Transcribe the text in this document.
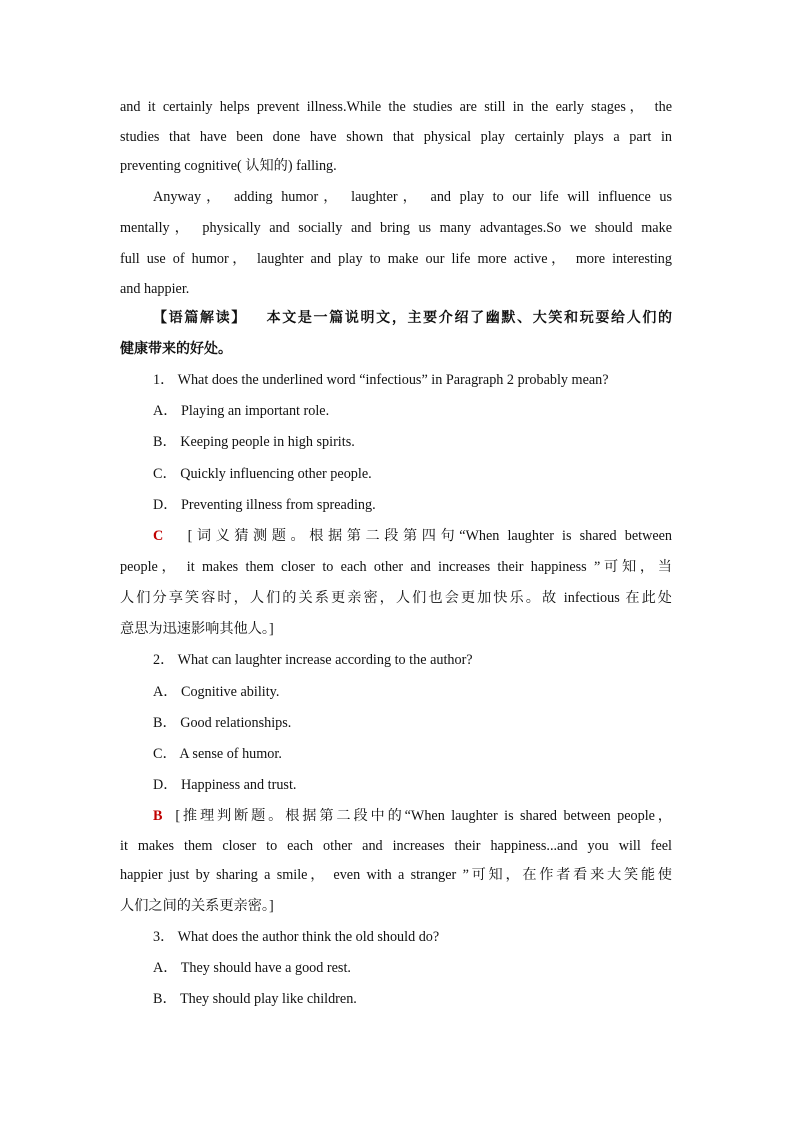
and it certainly helps prevent illness.While the studies are still in the early stages， the
studies that have been done have shown that physical play certainly plays a part in
preventing cognitive( 认知的) falling.
Anyway， adding humor， laughter， and play to our life will influence us
mentally， physically and socially and bring us many advantages.So we should make
full use of humor， laughter and play to make our life more active， more interesting
and happier.
【语篇解读】 本文是一篇说明文，主要介绍了幽默、大笑和玩耍给人们的
健康带来的好处。
1． What does the underlined word “infectious” in Paragraph 2 probably mean?
A． Playing an important role.
B． Keeping people in high spirits.
C． Quickly influencing other people.
D． Preventing illness from spreading.
C [词义猜测题。根据第二段第四句“When laughter is shared between
people， it makes them closer to each other and increases their happiness ”可知，当
人们分享笑容时，人们的关系更亲密，人们也会更加快乐。故 infectious 在此处
意思为迅速影响其他人。]
2． What can laughter increase according to the author?
A． Cognitive ability.
B． Good relationships.
C． A sense of humor.
D． Happiness and trust.
B [推理判断题。根据第二段中的“When laughter is shared between people，
it makes them closer to each other and increases their happiness...and you will feel
happier just by sharing a smile， even with a stranger ”可知，在作者看来大笑能使
人们之间的关系更亲密。]
3． What does the author think the old should do?
A． They should have a good rest.
B． They should play like children.
